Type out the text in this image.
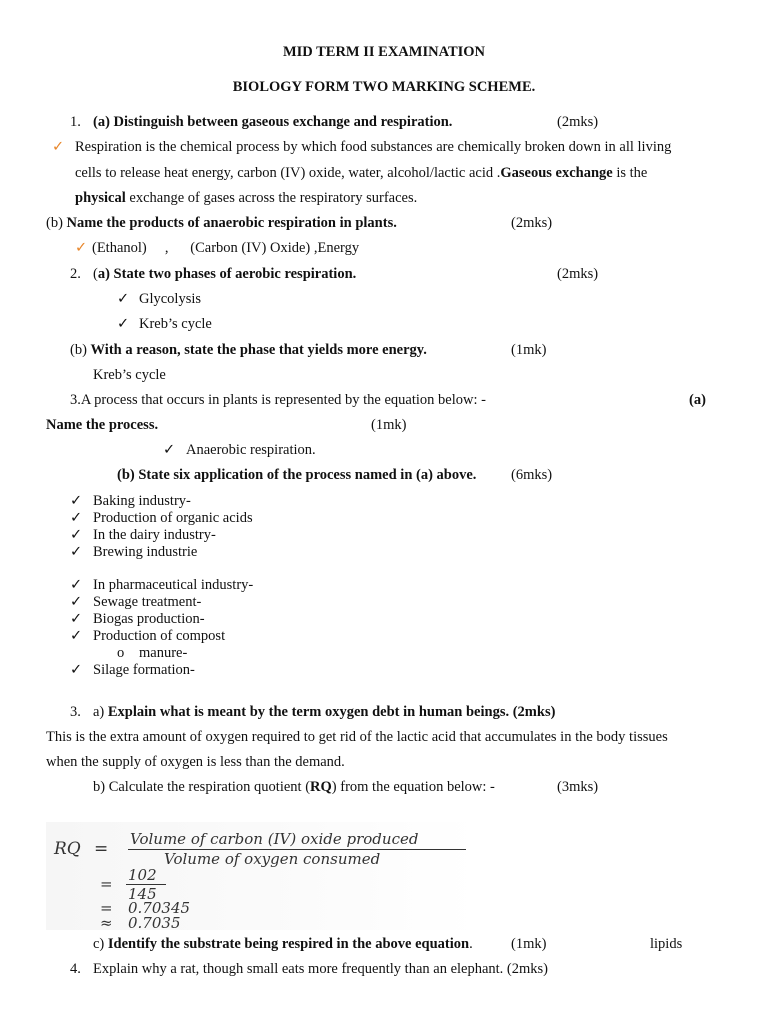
MID TERM II EXAMINATION
BIOLOGY FORM TWO MARKING SCHEME.
1. (a) Distinguish between gaseous exchange and respiration.	(2mks)
✓ Respiration is the chemical process by which food substances are chemically broken down in all living
cells to release heat energy, carbon (IV) oxide, water, alcohol/lactic acid .Gaseous exchange is the
physical exchange of gases across the respiratory surfaces.
(b) Name the products of anaerobic respiration in plants.	(2mks)
✓ (Ethanol)     ,      (Carbon (IV) Oxide) ,Energy
2. (a) State two phases of aerobic respiration.	(2mks)
✓ Glycolysis
✓ Kreb’s cycle
(b) With a reason, state the phase that yields more energy.	(1mk)
Kreb’s cycle
3.A process that occurs in plants is represented by the equation below: -	(a)
Name the process.	(1mk)
✓ Anaerobic respiration.
(b) State six application of the process named in (a) above. (6mks)
✓ Baking industry-
✓ Production of organic acids
✓ In the dairy industry-
✓ Brewing industrie
✓ In pharmaceutical industry-
✓ Sewage treatment-
✓ Biogas production-
✓ Production of compost
o manure-
✓ Silage formation-
3. a) Explain what is meant by the term oxygen debt in human beings. (2mks)
This is the extra amount of oxygen required to get rid of the lactic acid that accumulates in the body tissues
when the supply of oxygen is less than the demand.
b) Calculate the respiration quotient (RQ) from the equation below: -	(3mks)
RQ = Volume of carbon (IV) oxide produced
Volume of oxygen consumed
= 102
145
= 0.70345
≈ 0.7035
c) Identify the substrate being respired in the above equation.	(1mk)	lipids
4. Explain why a rat, though small eats more frequently than an elephant. (2mks)
